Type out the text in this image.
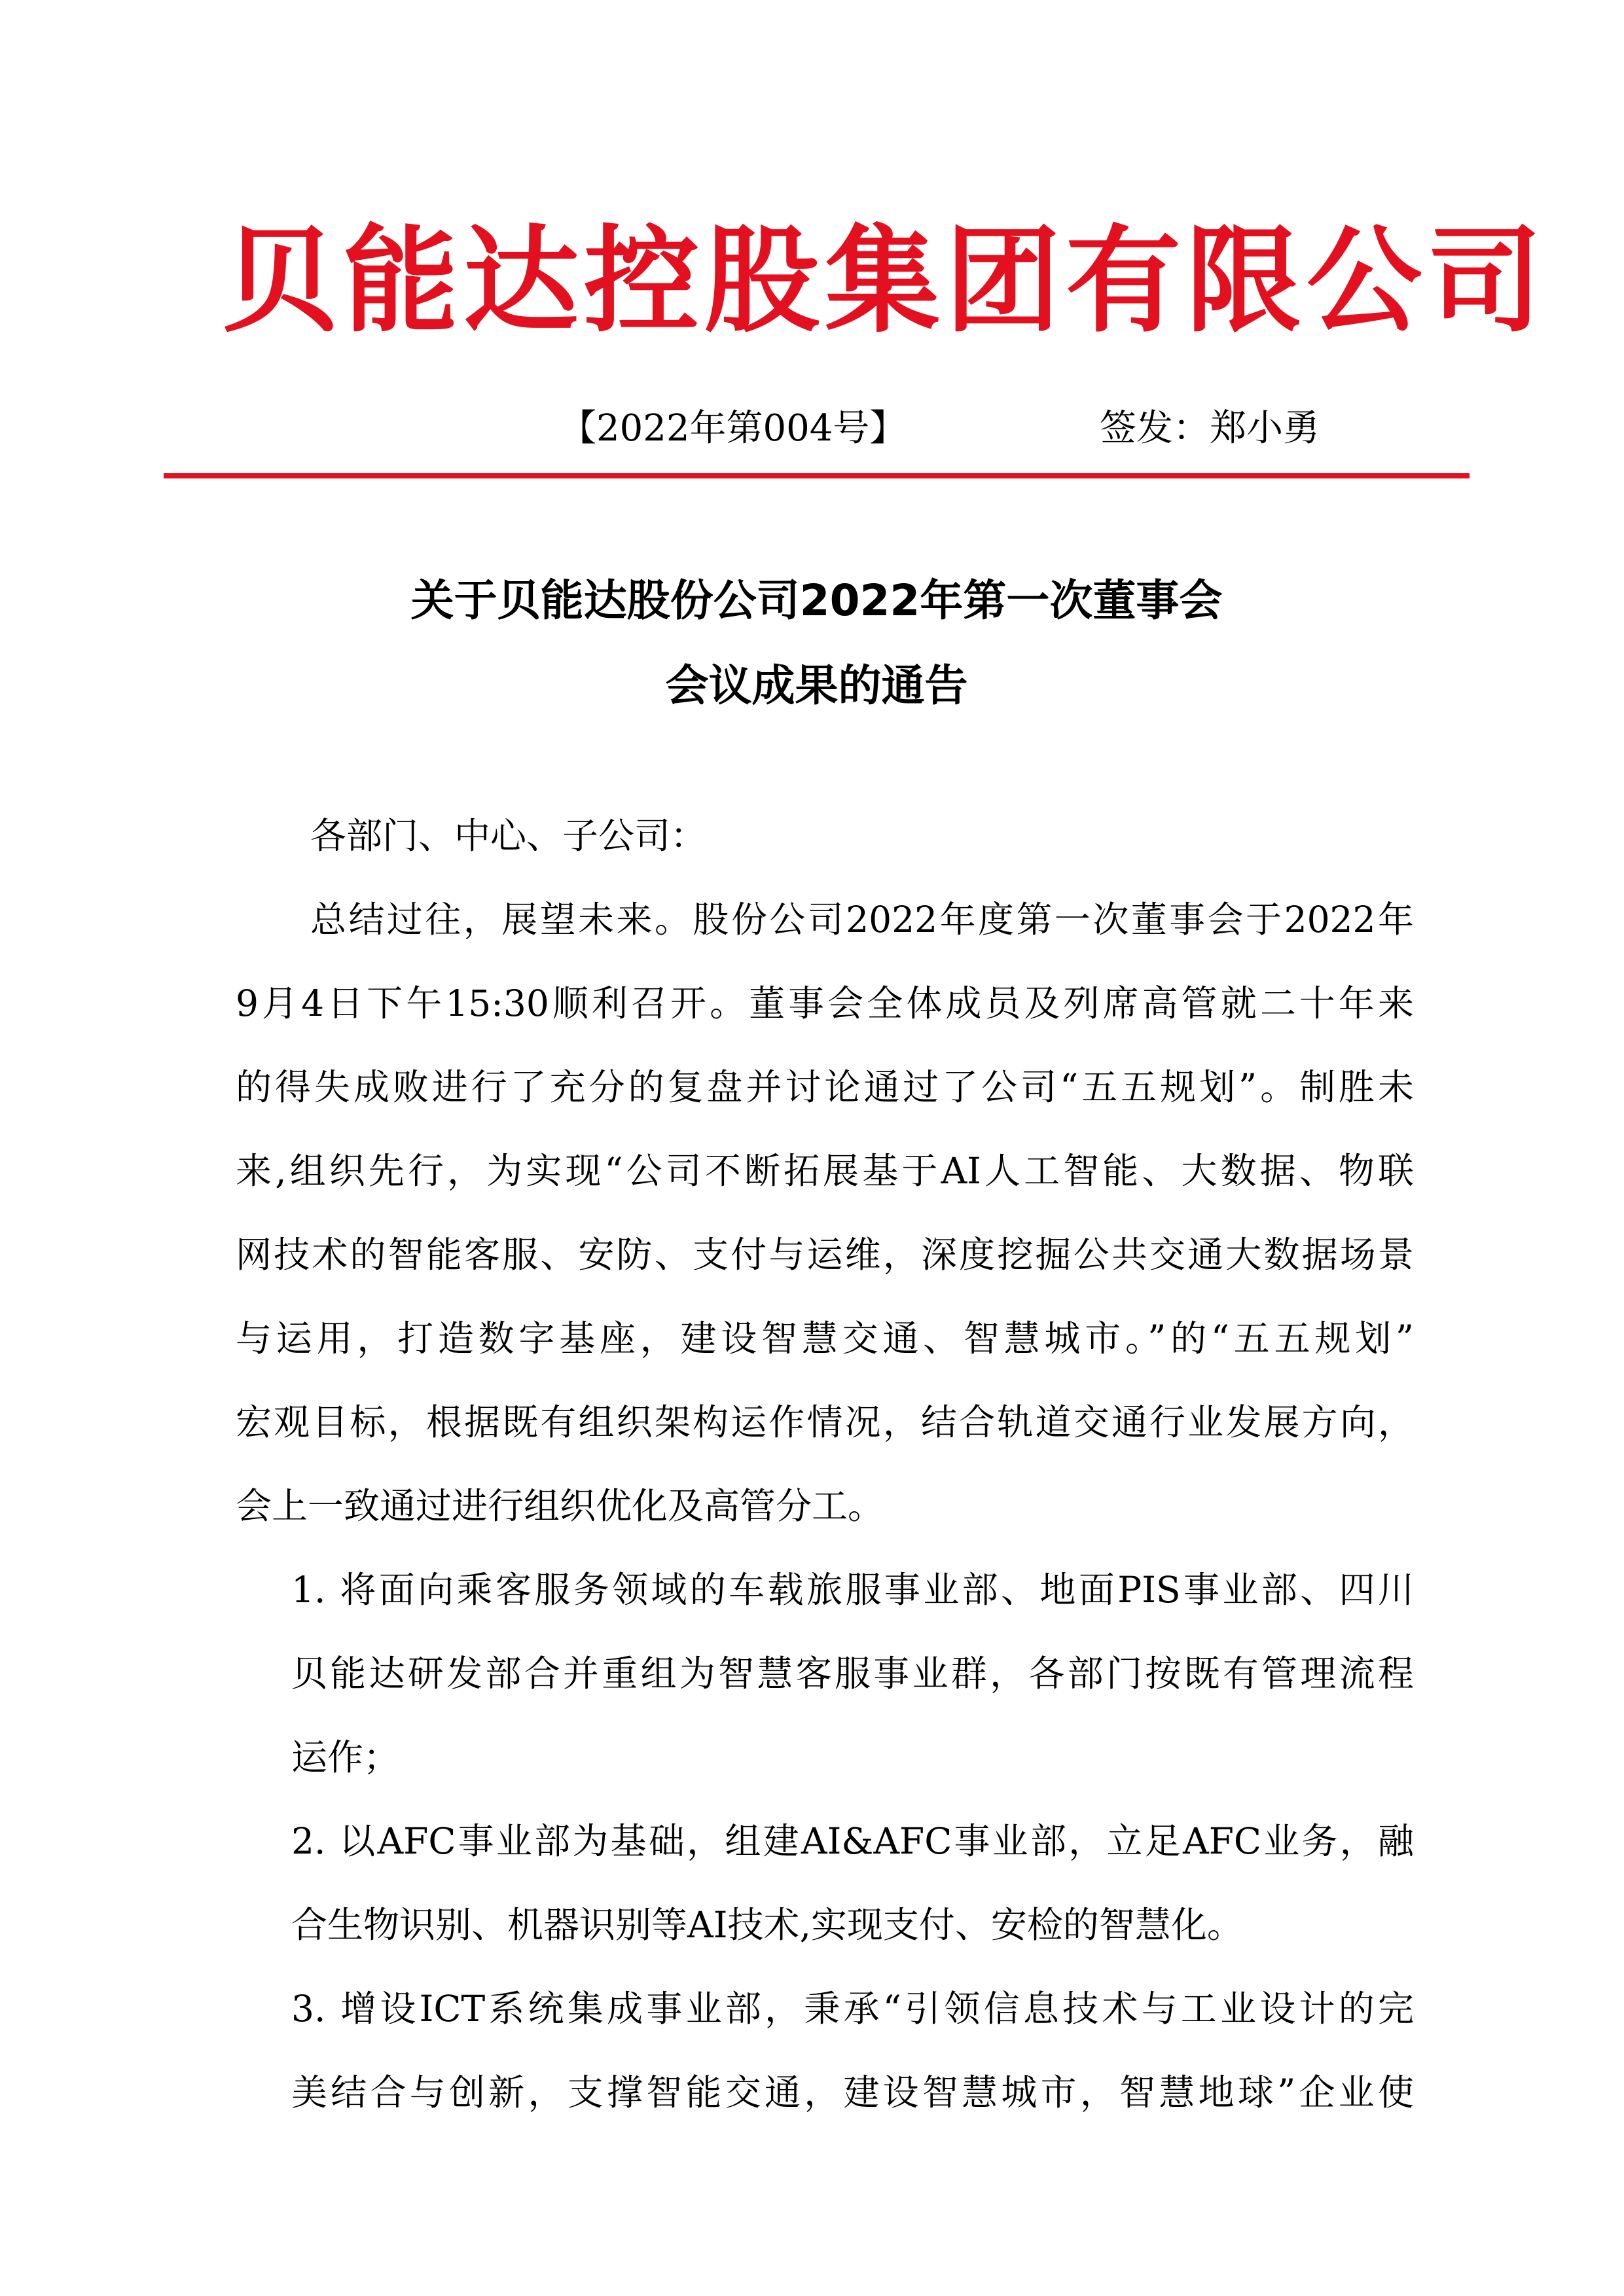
贝能达控股集团有限公司
【2022年第004号】	签发：郑小勇
关于贝能达股份公司2022年第一次董事会
会议成果的通告
各部门、中心、子公司：
总结过往，展望未来。股份公司2022年度第一次董事会于2022年
9月4日下午15:30顺利召开。董事会全体成员及列席高管就二十年来
的得失成败进行了充分的复盘并讨论通过了公司“五五规划”。制胜未
来,组织先行，为实现“公司不断拓展基于AI人工智能、大数据、物联
网技术的智能客服、安防、支付与运维，深度挖掘公共交通大数据场景
与运用，打造数字基座，建设智慧交通、智慧城市。”的“五五规划”
宏观目标，根据既有组织架构运作情况，结合轨道交通行业发展方向，
会上一致通过进行组织优化及高管分工。
1. 将面向乘客服务领域的车载旅服事业部、地面PIS事业部、四川
贝能达研发部合并重组为智慧客服事业群，各部门按既有管理流程
运作；
2. 以AFC事业部为基础，组建AI&AFC事业部，立足AFC业务，融
合生物识别、机器识别等AI技术,实现支付、安检的智慧化。
3. 增设ICT系统集成事业部，秉承“引领信息技术与工业设计的完
美结合与创新，支撑智能交通，建设智慧城市，智慧地球”企业使
